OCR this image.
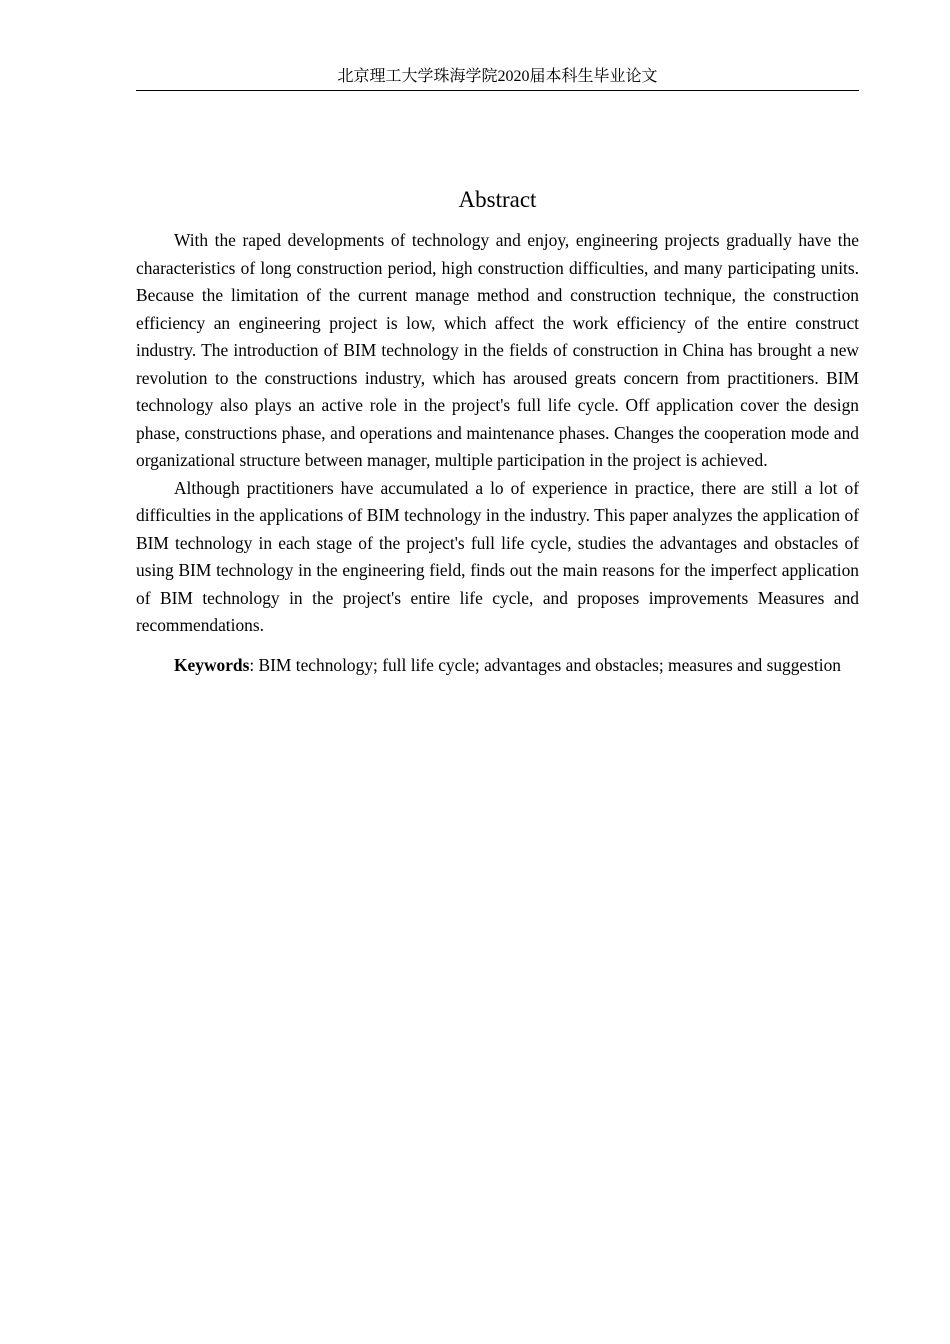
北京理工大学珠海学院2020届本科生毕业论文
Abstract

With the raped developments of technology and enjoy, engineering projects gradually have the characteristics of long construction period, high construction difficulties, and many participating units. Because the limitation of the current manage method and construction technique, the construction efficiency an engineering project is low, which affect the work efficiency of the entire construct industry. The introduction of BIM technology in the fields of construction in China has brought a new revolution to the constructions industry, which has aroused greats concern from practitioners. BIM technology also plays an active role in the project's full life cycle. Off application cover the design phase, constructions phase, and operations and maintenance phases. Changes the cooperation mode and organizational structure between manager, multiple participation in the project is achieved.

Although practitioners have accumulated a lo of experience in practice, there are still a lot of difficulties in the applications of BIM technology in the industry. This paper analyzes the application of BIM technology in each stage of the project's full life cycle, studies the advantages and obstacles of using BIM technology in the engineering field, finds out the main reasons for the imperfect application of BIM technology in the project's entire life cycle, and proposes improvements Measures and recommendations.

Keywords: BIM technology; full life cycle; advantages and obstacles; measures and suggestion
